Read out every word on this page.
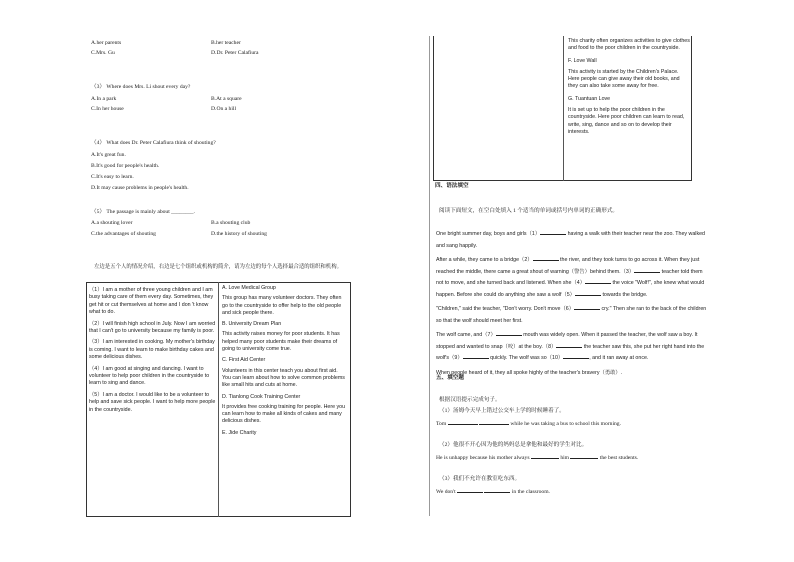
A.her parents	B.her teacher
C.Mrs. Gu	D.Dr. Peter Calafiura
（3） Where does Mrs. Li shout every day?
A.In a park	B.At a square
C.In her house	D.On a hill
（4） What does Dr. Peter Calafiura think of shouting?
A.It's great fun.
B.It's good for people's health.
C.It's easy to learn.
D.It may cause problems in people's health.
（5） The passage is mainly about ________.
A.a shouting lover	B.a shouting club
C.the advantages of shouting	D.the history of shouting
左边是五个人的情况介绍，右边是七个组织或机构的简介，请为左边的每个人选择最合适的组织和机构。
（1）I am a mother of three young children and I am busy taking care of them every day. Sometimes, they get hit or cut themselves at home and I don 't know what to do.
（2）I will finish high school in July. Now I am worried that I can't go to university because my family is poor.
（3）I am interested in cooking. My mother's birthday is coming. I want to learn to make birthday cakes and some delicious dishes.
（4）I am good at singing and dancing. I want to volunteer to help poor children in the countryside to learn to sing and dance.
（5）I am a doctor. I would like to be a volunteer to help and save sick people. I want to help more people in the countryside.
A. Love Medical Group
This group has many volunteer doctors. They often go to the countryside to offer help to the old people and sick people there.
B. University Dream Plan
This activity raises money for poor students. It has helped many poor students make their dreams of going to university come true.
C. First Aid Center
Volunteers in this center teach you about first aid. You can learn about how to solve common problems like small hits and cuts at home.
D. Tianlong Cook Training Center
It provides free cooking training for people. Here you can learn how to make all kinds of cakes and many delicious dishes.
E. Jide Charity
This charity often organizes activities to give clothes and food to the poor children in the countryside.
F. Love Wall
This activity is started by the Children's Palace. Here people can give away their old books, and they can also take some away for free.
G. Tuantuan Love
It is set up to help the poor children in the countryside. Here poor children can learn to read, write, sing, dance and so on to develop their interests.
四、语法填空
阅读下面短文，在空白处填入 1 个适当的单词或括号内单词的正确形式。
One bright summer day, boys and girls（1）	having a walk with their teacher near the zoo. They walked
and sang happily.
After a while, they came to a bridge（2）	the river, and they took turns to go across it. When they just
reached the middle, there came a great shout of warning（警告）behind them.（3）	teacher told them
not to move, and she turned back and listened. When she（4）	the voice "Wolf!", she knew what would
happen. Before she could do anything she saw a wolf（5）	towards the bridge.
"Children," said the teacher, "Don't worry. Don't move（6）	cry." Then she ran to the back of the children
so that the wolf should meet her first.
The wolf came, and（7）	mouth was widely open. When it passed the teacher, the wolf saw a boy. It
stopped and wanted to snap（咬）at the boy.（8）	the teacher saw this, she put her right hand into the
wolf's（9）	quickly. The wolf was so（10）	, and it ran away at once.
When people heard of it, they all spoke highly of the teacher's bravery（勇敢）.
五、填空题
根据汉语提示完成句子。
（1）汤姆今天早上错过公交车上学的时候睡着了。
Tom	while he was taking a bus to school this morning.
（2）他很不开心因为他的妈妈总是拿他和最好的学生对比。
He is unhappy because his mother always	him	the best students.
（3）我们不允许在教室吃东西。
We don't	in the classroom.
